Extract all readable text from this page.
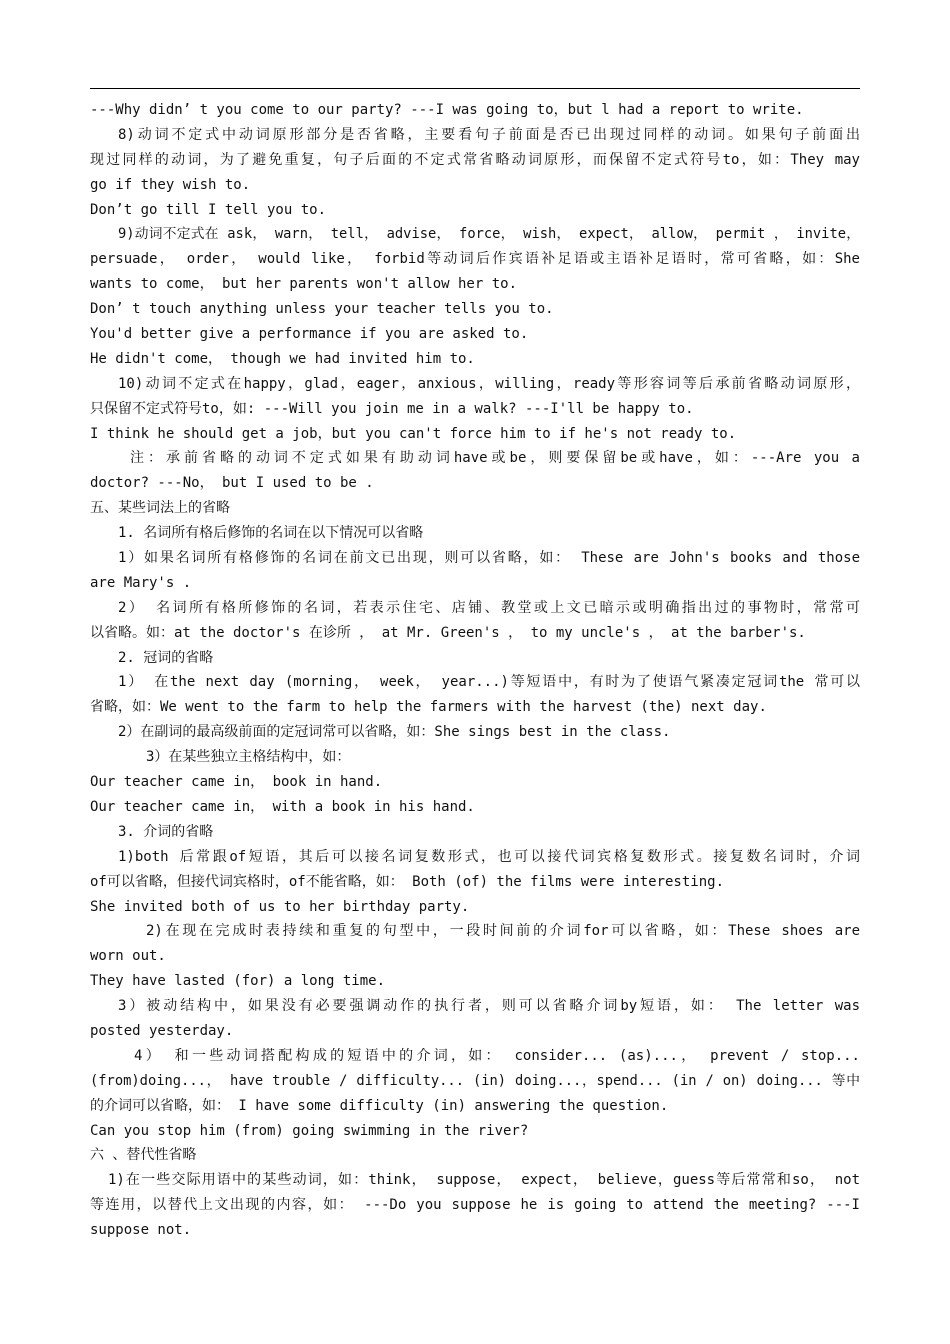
---Why didn’ t you come to our party? ---I was going to，but l had a report to write.
8)动词不定式中动词原形部分是否省略，主要看句子前面是否已出现过同样的动词。如果句子前面出
现过同样的动词，为了避免重复，句子后面的不定式常省略动词原形，而保留不定式符号to，如：They may
go if they wish to.
Don’t go till I tell you to.
9)动词不定式在 ask， warn， tell， advise， force， wish， expect， allow， permit ， invite，
persuade， order， would like， forbid等动词后作宾语补足语或主语补足语时，常可省略，如：She
wants to come， but her parents won't allow her to.
Don’ t touch anything unless your teacher tells you to.
You'd better give a performance if you are asked to.
He didn't come， though we had invited him to.
10)动词不定式在happy，glad，eager，anxious，willing，ready等形容词等后承前省略动词原形，
只保留不定式符号to，如: ---Will you join me in a walk? ---I'll be happy to.
I think he should get a job，but you can't force him to if he's not ready to.
注：承前省略的动词不定式如果有助动词have或be，则要保留be或have，如：---Are you a
doctor? ---No， but I used to be .
五、某些词法上的省略
1. 名词所有格后修饰的名词在以下情况可以省略
1）如果名词所有格修饰的名词在前文已出现，则可以省略，如： These are John's books and those
are Mary's .
2） 名词所有格所修饰的名词，若表示住宅、店铺、教堂或上文已暗示或明确指出过的事物时，常常可
以省略。如：at the doctor's 在诊所 ， at Mr. Green's ， to my uncle's ， at the barber's.
2. 冠词的省略
1） 在the next day (morning， week， year...)等短语中，有时为了使语气紧凑定冠词the 常可以
省略，如：We went to the farm to help the farmers with the harvest (the) next day.
2）在副词的最高级前面的定冠词常可以省略，如：She sings best in the class.
3）在某些独立主格结构中，如：
Our teacher came in， book in hand.
Our teacher came in， with a book in his hand.
3. 介词的省略
1)both 后常跟of短语，其后可以接名词复数形式，也可以接代词宾格复数形式。接复数名词时，介词
of可以省略，但接代词宾格时，of不能省略，如： Both (of) the films were interesting.
She invited both of us to her birthday party.
2)在现在完成时表持续和重复的句型中，一段时间前的介词for可以省略，如：These shoes are
worn out.
They have lasted (for) a long time.
3）被动结构中，如果没有必要强调动作的执行者，则可以省略介词by短语，如： The letter was
posted yesterday.
4） 和一些动词搭配构成的短语中的介词，如： consider... (as)...， prevent / stop...
(from)doing...， have trouble / difficulty... (in) doing...，spend... (in / on) doing... 等中
的介词可以省略，如： I have some difficulty (in) answering the question.
Can you stop him (from) going swimming in the river?
六 、替代性省略
1)在一些交际用语中的某些动词，如：think， suppose， expect， believe，guess等后常常和so， not
等连用，以替代上文出现的内容，如： ---Do you suppose he is going to attend the meeting? ---I
suppose not.
